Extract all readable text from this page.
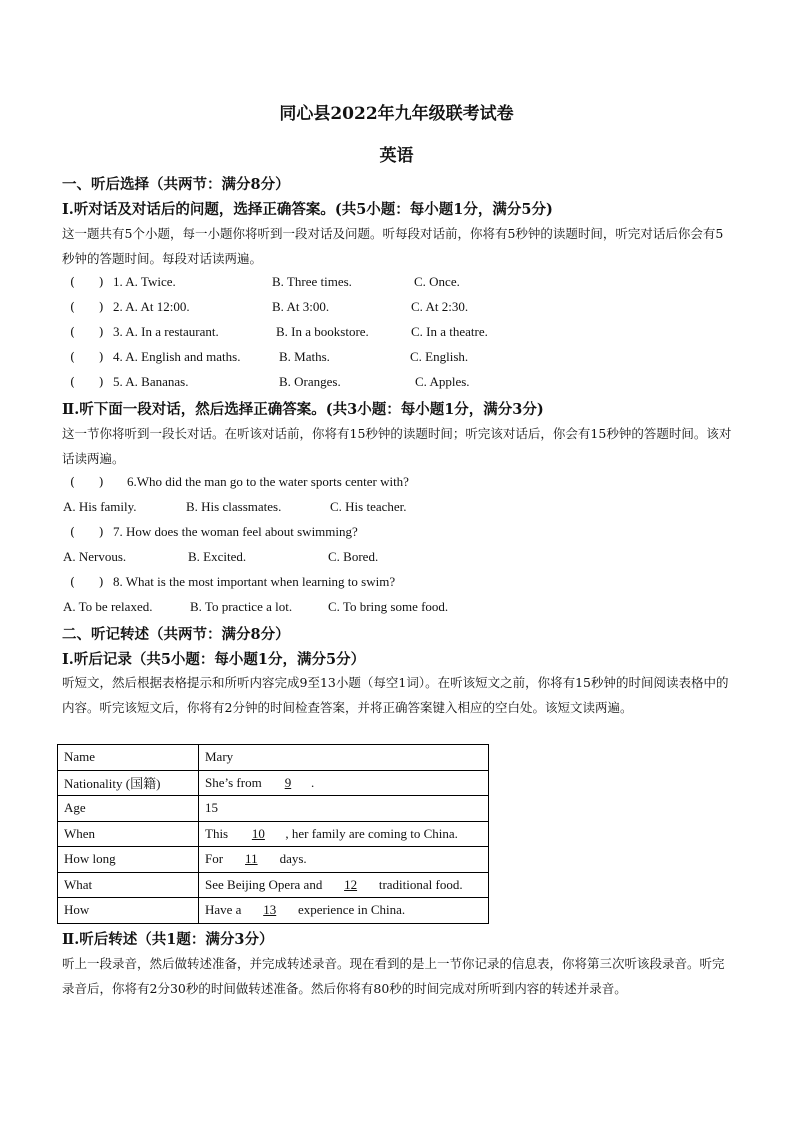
同心县2022年九年级联考试卷
英语
一、听后选择（共两节：满分8分）
Ⅰ.听对话及对话后的问题，选择正确答案。(共5小题：每小题1分，满分5分)
这一题共有5个小题，每一小题你将听到一段对话及问题。听每段对话前，你将有5秒钟的读题时间，听完对话后你会有5秒钟的答题时间。每段对话读两遍。
(      )
1. A. Twice.	B. Three times.	C. Once.
(      )
2. A. At 12:00.	B. At 3:00.	C. At 2:30.
(      )
3. A. In a restaurant.	B. In a bookstore.	C. In a theatre.
(      )
4. A. English and maths.	B. Maths.	C. English.
(      )
5. A. Bananas.	B. Oranges.	C. Apples.
Ⅱ.听下面一段对话，然后选择正确答案。(共3小题：每小题1分，满分3分)
这一节你将听到一段长对话。在听该对话前，你将有15秒钟的读题时间；听完该对话后，你会有15秒钟的答题时间。该对话读两遍。
(      )
6.Who did the man go to the water sports center with?
A. His family.	B. His classmates.	C. His teacher.
(      )
7. How does the woman feel about swimming?
A. Nervous.	B. Excited.	C. Bored.
(      )
8. What is the most important when learning to swim?
A. To be relaxed.	B. To practice a lot.	C. To bring some food.
二、听记转述（共两节：满分8分）
Ⅰ.听后记录（共5小题：每小题1分，满分5分）
听短文，然后根据表格提示和所听内容完成9至13小题（每空1词）。在听该短文之前，你将有15秒钟的时间阅读表格中的内容。听完该短文后，你将有2分钟的时间检查答案，并将正确答案键入相应的空白处。该短文读两遍。
Name	Mary
Nationality (国籍)	She’s from 9 .
Age	15
When	This 10 , her family are coming to China.
How long	For 11 days.
What	See Beijing Opera and 12 traditional food.
How	Have a 13 experience in China.
Ⅱ.听后转述（共1题：满分3分）
听上一段录音，然后做转述准备，并完成转述录音。现在看到的是上一节你记录的信息表，你将第三次听该段录音。听完录音后，你将有2分30秒的时间做转述准备。然后你将有80秒的时间完成对所听到内容的转述并录音。
